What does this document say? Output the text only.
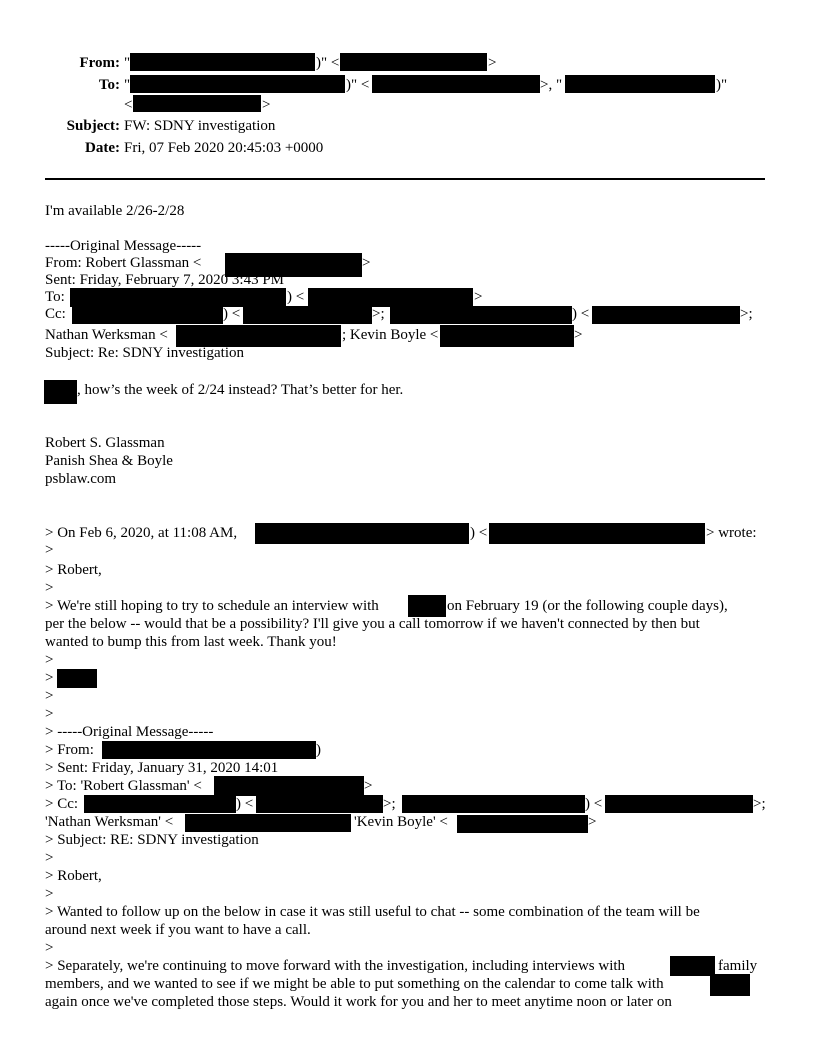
From: "	)" <	>
To: "	)" <	>, "	)"
<	>
Subject: FW: SDNY investigation
Date: Fri, 07 Feb 2020 20:45:03 +0000
I'm available 2/26-2/28
-----Original Message-----
From: Robert Glassman <	>
Sent: Friday, February 7, 2020 3:43 PM
To:	) <	>
Cc:	) <	>;	) <	>;
Nathan Werksman <	; Kevin Boyle <	>
Subject: Re: SDNY investigation
, how’s the week of 2/24 instead? That’s better for her.
Robert S. Glassman
Panish Shea & Boyle
psblaw.com
> On Feb 6, 2020, at 11:08 AM,	) <	> wrote:
>
> Robert,
>
> We're still hoping to try to schedule an interview with	on February 19 (or the following couple days),
per the below -- would that be a possibility? I'll give you a call tomorrow if we haven't connected by then but
wanted to bump this from last week. Thank you!
>
>
>
>
> -----Original Message-----
> From:	)
> Sent: Friday, January 31, 2020 14:01
> To: 'Robert Glassman' <	>
> Cc:	) <	>;	) <	>;
'Nathan Werksman' <	'Kevin Boyle' <	>
> Subject: RE: SDNY investigation
>
> Robert,
>
> Wanted to follow up on the below in case it was still useful to chat -- some combination of the team will be
around next week if you want to have a call.
>
> Separately, we're continuing to move forward with the investigation, including interviews with	family
members, and we wanted to see if we might be able to put something on the calendar to come talk with
again once we've completed those steps. Would it work for you and her to meet anytime noon or later on
